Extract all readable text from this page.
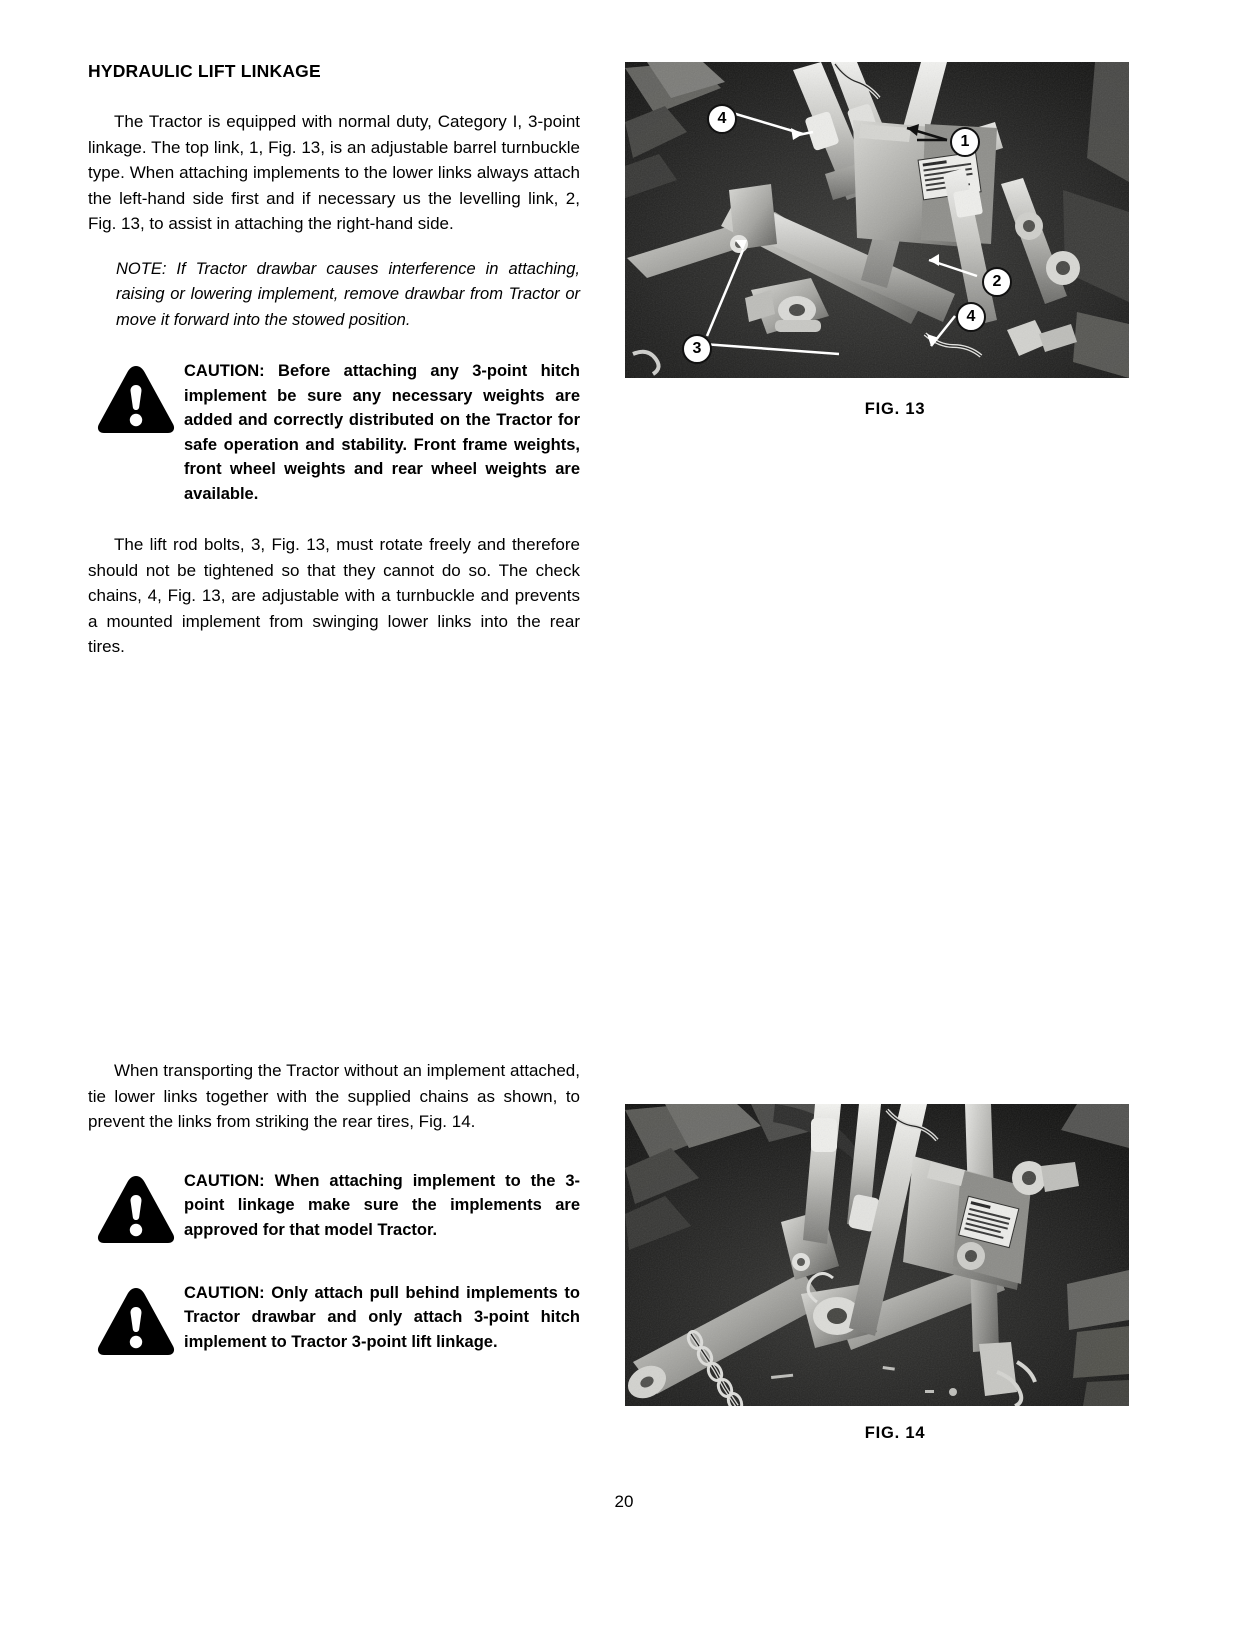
HYDRAULIC LIFT LINKAGE

The Tractor is equipped with normal duty, Category I, 3-point linkage. The top link, 1, Fig. 13, is an adjustable barrel turnbuckle type. When attaching implements to the lower links always attach the left-hand side first and if necessary us the levelling link, 2, Fig. 13, to assist in attaching the right-hand side.

NOTE: If Tractor drawbar causes interference in attaching, raising or lowering implement, remove drawbar from Tractor or move it forward into the stowed position.

CAUTION: Before attaching any 3-point hitch implement be sure any necessary weights are added and correctly distributed on the Tractor for safe operation and stability. Front frame weights, front wheel weights and rear wheel weights are available.

The lift rod bolts, 3, Fig. 13, must rotate freely and therefore should not be tightened so that they cannot do so. The check chains, 4, Fig. 13, are adjustable with a turnbuckle and prevents a mounted implement from swinging lower links into the rear tires.

4
1
2
4
3
FIG. 13

When transporting the Tractor without an implement attached, tie lower links together with the supplied chains as shown, to prevent the links from striking the rear tires, Fig. 14.

CAUTION: When attaching implement to the 3-point linkage make sure the implements are approved for that model Tractor.
CAUTION: Only attach pull behind implements to Tractor drawbar and only attach 3-point hitch implement to Tractor 3-point lift linkage.
FIG. 14
20
